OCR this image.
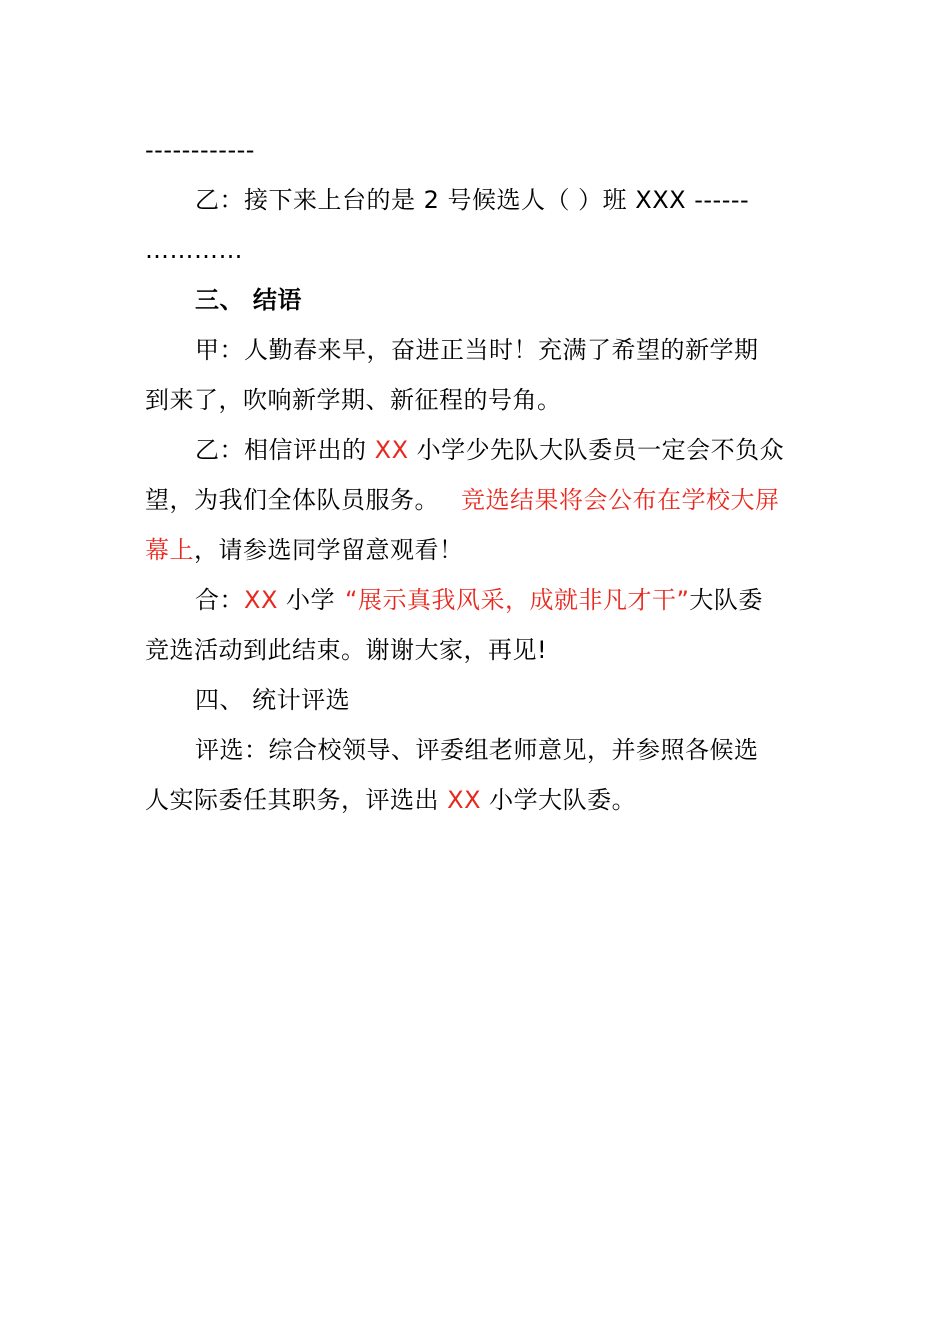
------------
乙：接下来上台的是 2 号候选人（ ）班 XXX ------
…………
三、 结语
甲：人勤春来早，奋进正当时！充满了希望的新学期
到来了，吹响新学期、新征程的号角。
乙：相信评出的 XX 小学少先队大队委员一定会不负众
望，为我们全体队员服务。 竞选结果将会公布在学校大屏
幕上，请参选同学留意观看！
合：XX 小学 “展示真我风采，成就非凡才干”大队委
竞选活动到此结束。谢谢大家，再见!
四、 统计评选
评选：综合校领导、评委组老师意见，并参照各候选
人实际委任其职务，评选出 XX 小学大队委。
